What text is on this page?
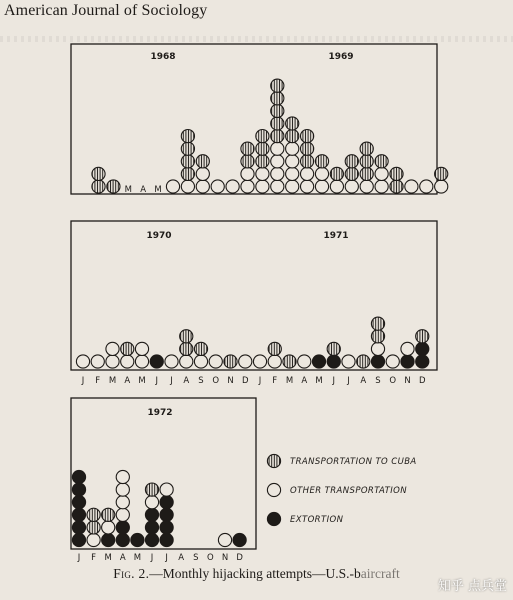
American Journal of Sociology
1968	1969
M A M
1970	1971
J F M A M J J A S O N D J F M A M J J A S O N D
1972
J F M A M J J A S O N D
TRANSPORTATION TO CUBA
OTHER TRANSPORTATION
EXTORTION
Fig. 2.—Monthly hijacking attempts—U.S.-baircraft
知乎 点兵堂
